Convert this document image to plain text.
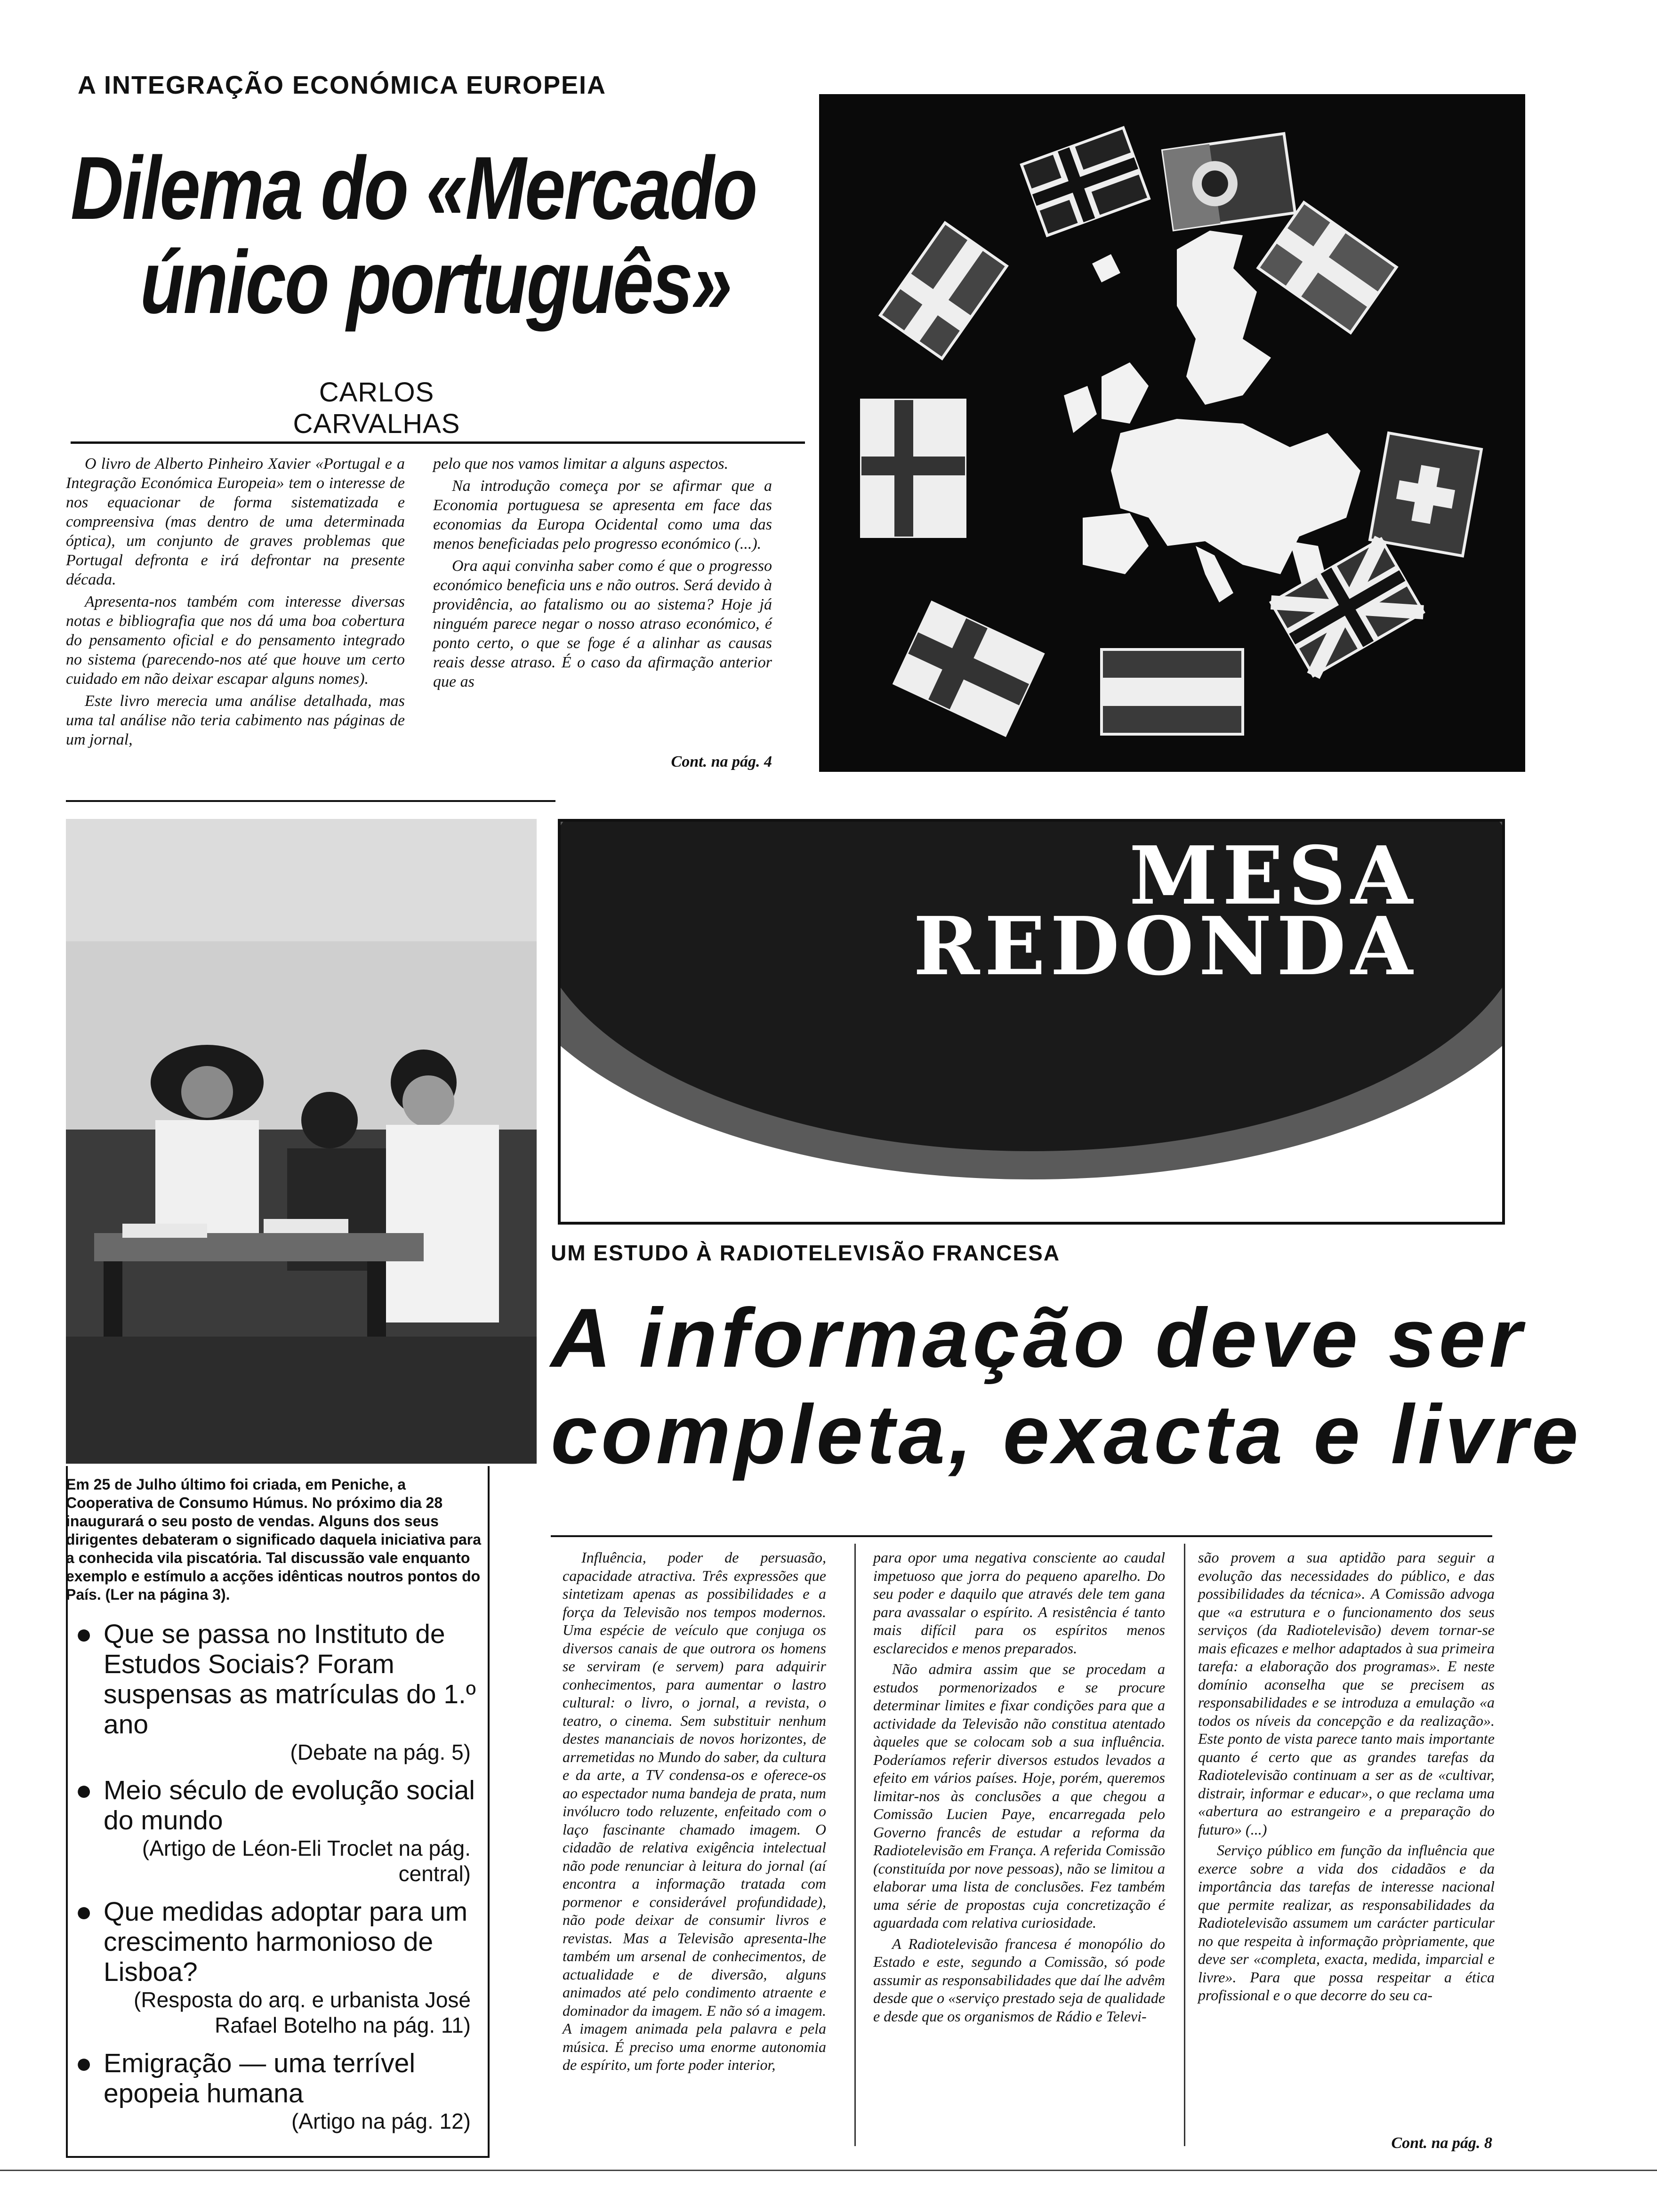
A INTEGRAÇÃO ECONÓMICA EUROPEIA
Dilema do «Mercado
único português»
CARLOS CARVALHAS

O livro de Alberto Pinheiro Xavier «Portugal e a Integração Económica Europeia» tem o interesse de nos equacionar de forma sistematizada e compreensiva (mas dentro de uma determinada óptica), um conjunto de graves problemas que Portugal defronta e irá defrontar na presente década.

Apresenta-nos também com interesse diversas notas e bibliografia que nos dá uma boa cobertura do pensamento oficial e do pensamento integrado no sistema (parecendo-nos até que houve um certo cuidado em não deixar escapar alguns nomes).

Este livro merecia uma análise detalhada, mas uma tal análise não teria cabimento nas páginas de um jornal,

pelo que nos vamos limitar a alguns aspectos.

Na introdução começa por se afirmar que a Economia portuguesa se apresenta em face das economias da Europa Ocidental como uma das menos beneficiadas pelo progresso económico (...).

Ora aqui convinha saber como é que o progresso económico beneficia uns e não outros. Será devido à providência, ao fatalismo ou ao sistema? Hoje já ninguém parece negar o nosso atraso económico, é ponto certo, o que se foge é a alinhar as causas reais desse atraso. É o caso da afirmação anterior que as

Cont. na pág. 4
Em 25 de Julho último foi criada, em Peniche, a Cooperativa de Consumo Húmus. No próximo dia 28 inaugurará o seu posto de vendas. Alguns dos seus dirigentes debateram o significado daquela iniciativa para a conhecida vila piscatória. Tal discussão vale enquanto exemplo e estímulo a acções idênticas noutros pontos do País. (Ler na página 3).
● Que se passa no Instituto de Estudos Sociais? Foram suspensas as matrículas do 1.º ano
(Debate na pág. 5)
● Meio século de evolução social do mundo
(Artigo de Léon-Eli Troclet na pág. central)
● Que medidas adoptar para um crescimento harmonioso de Lisboa?
(Resposta do arq. e urbanista José Rafael Botelho na pág. 11)
● Emigração — uma terrível epopeia humana
(Artigo na pág. 12)
MESA
REDONDA
UM ESTUDO À RADIOTELEVISÃO FRANCESA
A informação deve ser
completa, exacta e livre

Influência, poder de persuasão, capacidade atractiva. Três expressões que sintetizam apenas as possibilidades e a força da Televisão nos tempos modernos. Uma espécie de veículo que conjuga os diversos canais de que outrora os homens se serviram (e servem) para adquirir conhecimentos, para aumentar o lastro cultural: o livro, o jornal, a revista, o teatro, o cinema. Sem substituir nenhum destes mananciais de novos horizontes, de arremetidas no Mundo do saber, da cultura e da arte, a TV condensa-os e oferece-os ao espectador numa bandeja de prata, num invólucro todo reluzente, enfeitado com o laço fascinante chamado imagem. O cidadão de relativa exigência intelectual não pode renunciar à leitura do jornal (aí encontra a informação tratada com pormenor e considerável profundidade), não pode deixar de consumir livros e revistas. Mas a Televisão apresenta-lhe também um arsenal de conhecimentos, de actualidade e de diversão, alguns animados até pelo condimento atraente e dominador da imagem. E não só a imagem. A imagem animada pela palavra e pela música. É preciso uma enorme autonomia de espírito, um forte poder interior,

para opor uma negativa consciente ao caudal impetuoso que jorra do pequeno aparelho. Do seu poder e daquilo que através dele tem gana para avassalar o espírito. A resistência é tanto mais difícil para os espíritos menos esclarecidos e menos preparados.

Não admira assim que se procedam a estudos pormenorizados e se procure determinar limites e fixar condições para que a actividade da Televisão não constitua atentado àqueles que se colocam sob a sua influência. Poderíamos referir diversos estudos levados a efeito em vários países. Hoje, porém, queremos limitar-nos às conclusões a que chegou a Comissão Lucien Paye, encarregada pelo Governo francês de estudar a reforma da Radiotelevisão em França. A referida Comissão (constituída por nove pessoas), não se limitou a elaborar uma lista de conclusões. Fez também uma série de propostas cuja concretização é aguardada com relativa curiosidade.

A Radiotelevisão francesa é monopólio do Estado e este, segundo a Comissão, só pode assumir as responsabilidades que daí lhe advêm desde que o «serviço prestado seja de qualidade e desde que os organismos de Rádio e Televi-

são provem a sua aptidão para seguir a evolução das necessidades do público, e das possibilidades da técnica». A Comissão advoga que «a estrutura e o funcionamento dos seus serviços (da Radiotelevisão) devem tornar-se mais eficazes e melhor adaptados à sua primeira tarefa: a elaboração dos programas». E neste domínio aconselha que se precisem as responsabilidades e se introduza a emulação «a todos os níveis da concepção e da realização». Este ponto de vista parece tanto mais importante quanto é certo que as grandes tarefas da Radiotelevisão continuam a ser as de «cultivar, distrair, informar e educar», o que reclama uma «abertura ao estrangeiro e a preparação do futuro» (...)

Serviço público em função da influência que exerce sobre a vida dos cidadãos e da importância das tarefas de interesse nacional que permite realizar, as responsabilidades da Radiotelevisão assumem um carácter particular no que respeita à informação pròpriamente, que deve ser «completa, exacta, medida, imparcial e livre». Para que possa respeitar a ética profissional e o que decorre do seu ca-

Cont. na pág. 8
